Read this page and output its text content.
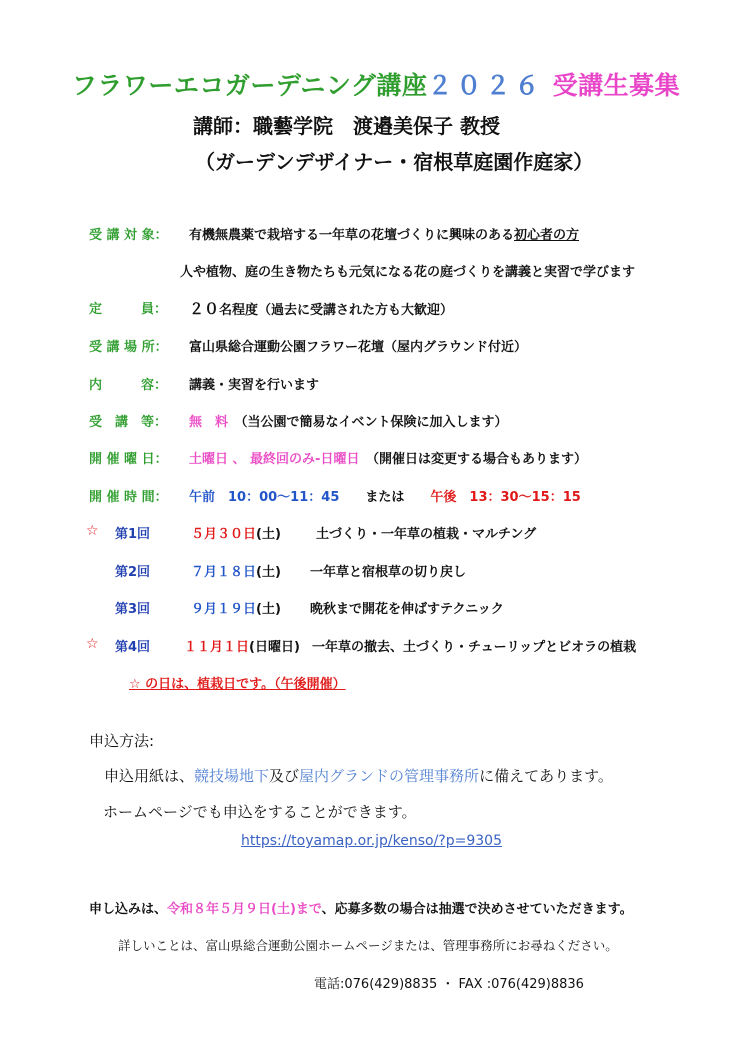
フラワーエコガーデニング講座２０２６ 受講生募集
講師：職藝学院　渡邉美保子 教授
（ガーデンデザイナー・宿根草庭園作庭家）
受 講 対 象： 有機無農薬で栽培する一年草の花壇づくりに興味のある初心者の方
人や植物、庭の生き物たちも元気になる花の庭づくりを講義と実習で学びます
定　　　員： ２０名程度（過去に受講された方も大歓迎）
受 講 場 所： 富山県総合運動公園フラワー花壇（屋内グラウンド付近）
内　　　容： 講義・実習を行います
受　講　等： 無　料　 （当公園で簡易なイベント保険に加入します）
開 催 曜 日： 土曜日 、 最終回のみ-日曜日　 （開催日は変更する場合もあります）
開 催 時 間： 午前　10：00～11：45　　 または　　 午後　13：30～15：15
☆ 第1回	５月３０日(土)	土づくり・一年草の植栽・マルチング
第2回	７月１８日(土) 一年草と宿根草の切り戻し
第3回	９月１９日(土) 晩秋まで開花を伸ばすテクニック
☆ 第4回	１１月１日(日曜日) 一年草の撤去、土づくり・チューリップとビオラの植栽
☆ の日は、植栽日です。（午後開催）
申込方法:
申込用紙は、競技場地下及び屋内グランドの管理事務所に備えてあります。
ホームページでも申込をすることができます。
https://toyamap.or.jp/kenso/?p=9305
申し込みは、令和８年５月９日(土)まで、応募多数の場合は抽選で決めさせていただきます。
詳しいことは、富山県総合運動公園ホームページまたは、管理事務所にお尋ねください。
電話:076(429)8835 ・ FAX :076(429)8836
